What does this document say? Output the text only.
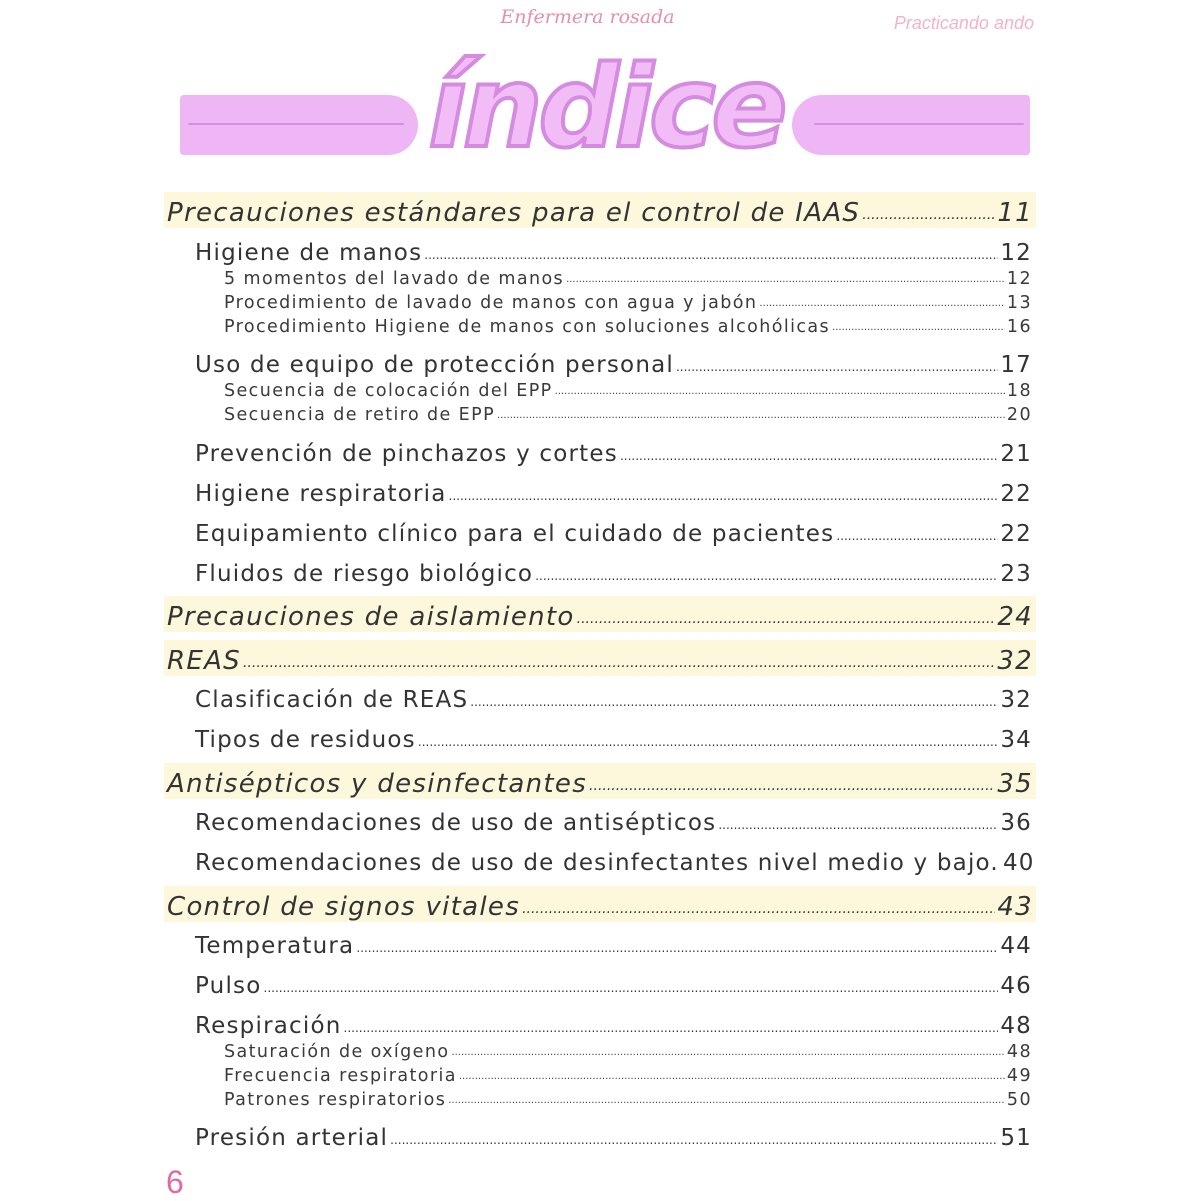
Enfermera rosada	Practicando ando
índice
Precauciones estándares para el control de IAAS .....	11
Higiene de manos .....	12
5 momentos del lavado de manos .....	12
Procedimiento de lavado de manos con agua y jabón .....	13
Procedimiento Higiene de manos con soluciones alcohólicas .....	16
Uso de equipo de protección personal .....	17
Secuencia de colocación del EPP .....	18
Secuencia de retiro de EPP .....	20
Prevención de pinchazos y cortes .....	21
Higiene respiratoria .....	22
Equipamiento clínico para el cuidado de pacientes .....	22
Fluidos de riesgo biológico .....	23
Precauciones de aislamiento .....	24
REAS .....	32
Clasificación de REAS .....	32
Tipos de residuos .....	34
Antisépticos y desinfectantes .....	35
Recomendaciones de uso de antisépticos .....	36
Recomendaciones de uso de desinfectantes nivel medio y bajo. 40
Control de signos vitales .....	43
Temperatura .....	44
Pulso .....	46
Respiración .....	48
Saturación de oxígeno .....	48
Frecuencia respiratoria .....	49
Patrones respiratorios .....	50
Presión arterial .....	51
6
